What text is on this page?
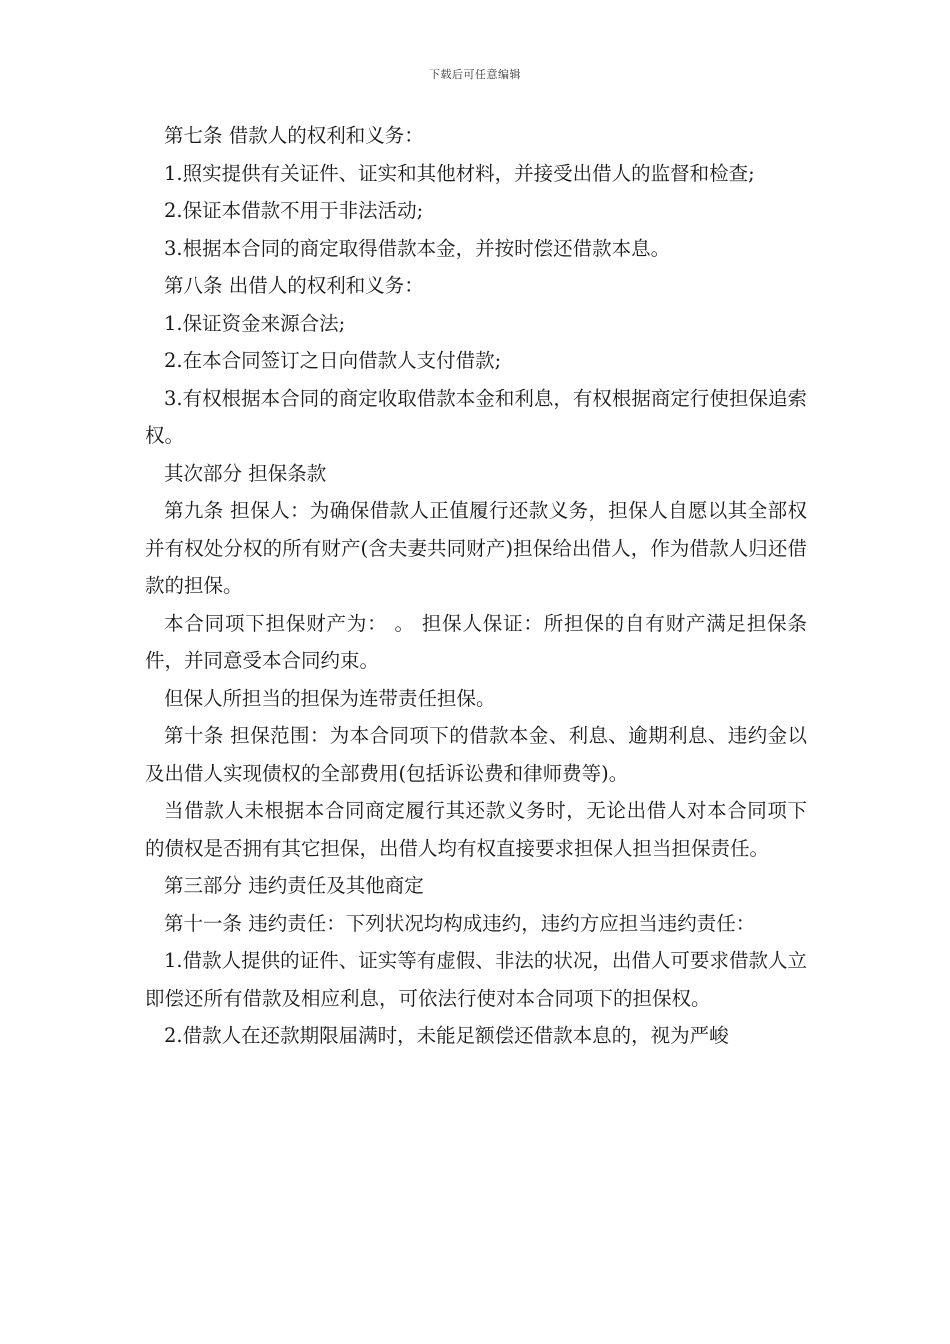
下载后可任意编辑

第七条 借款人的权利和义务：

1.照实提供有关证件、证实和其他材料，并接受出借人的监督和检查;

2.保证本借款不用于非法活动;

3.根据本合同的商定取得借款本金，并按时偿还借款本息。

第八条 出借人的权利和义务：

1.保证资金来源合法;

2.在本合同签订之日向借款人支付借款;

3.有权根据本合同的商定收取借款本金和利息，有权根据商定行使担保追索权。

其次部分 担保条款

第九条 担保人：为确保借款人正值履行还款义务，担保人自愿以其全部权并有权处分权的所有财产(含夫妻共同财产)担保给出借人，作为借款人归还借款的担保。

本合同项下担保财产为： 。 担保人保证：所担保的自有财产满足担保条件，并同意受本合同约束。

但保人所担当的担保为连带责任担保。

第十条 担保范围：为本合同项下的借款本金、利息、逾期利息、违约金以及出借人实现债权的全部费用(包括诉讼费和律师费等)。

当借款人未根据本合同商定履行其还款义务时，无论出借人对本合同项下的债权是否拥有其它担保，出借人均有权直接要求担保人担当担保责任。

第三部分 违约责任及其他商定

第十一条 违约责任：下列状况均构成违约，违约方应担当违约责任：

1.借款人提供的证件、证实等有虚假、非法的状况，出借人可要求借款人立即偿还所有借款及相应利息，可依法行使对本合同项下的担保权。

2.借款人在还款期限届满时，未能足额偿还借款本息的，视为严峻
